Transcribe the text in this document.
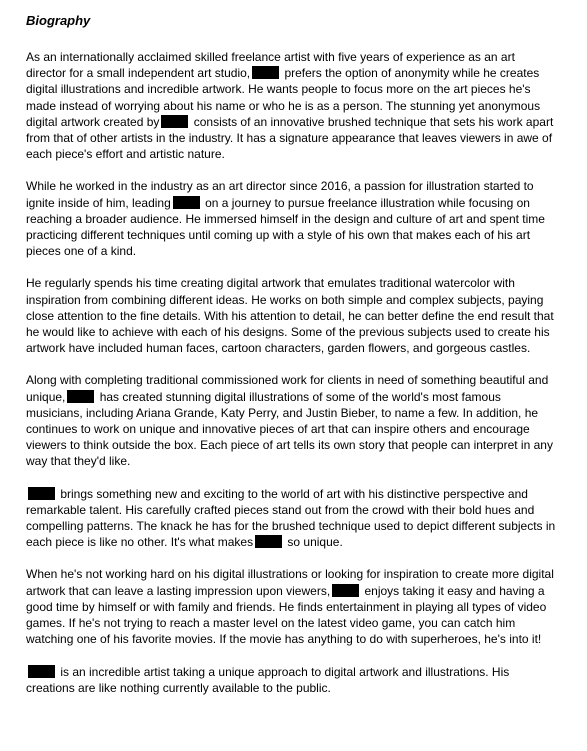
Biography

As an internationally acclaimed skilled freelance artist with five years of experience as an art director for a small independent art studio,	prefers the option of anonymity while he creates digital illustrations and incredible artwork. He wants people to focus more on the art pieces he's made instead of worrying about his name or who he is as a person. The stunning yet anonymous digital artwork created by	consists of an innovative brushed technique that sets his work apart from that of other artists in the industry. It has a signature appearance that leaves viewers in awe of each piece's effort and artistic nature.

While he worked in the industry as an art director since 2016, a passion for illustration started to ignite inside of him, leading	on a journey to pursue freelance illustration while focusing on reaching a broader audience. He immersed himself in the design and culture of art and spent time practicing different techniques until coming up with a style of his own that makes each of his art pieces one of a kind.

He regularly spends his time creating digital artwork that emulates traditional watercolor with inspiration from combining different ideas. He works on both simple and complex subjects, paying close attention to the fine details. With his attention to detail, he can better define the end result that he would like to achieve with each of his designs. Some of the previous subjects used to create his artwork have included human faces, cartoon characters, garden flowers, and gorgeous castles.

Along with completing traditional commissioned work for clients in need of something beautiful and unique,	has created stunning digital illustrations of some of the world's most famous musicians, including Ariana Grande, Katy Perry, and Justin Bieber, to name a few. In addition, he continues to work on unique and innovative pieces of art that can inspire others and encourage viewers to think outside the box. Each piece of art tells its own story that people can interpret in any way that they'd like.

brings something new and exciting to the world of art with his distinctive perspective and remarkable talent. His carefully crafted pieces stand out from the crowd with their bold hues and compelling patterns. The knack he has for the brushed technique used to depict different subjects in each piece is like no other. It's what makes	so unique.

When he's not working hard on his digital illustrations or looking for inspiration to create more digital artwork that can leave a lasting impression upon viewers,	enjoys taking it easy and having a good time by himself or with family and friends. He finds entertainment in playing all types of video games. If he's not trying to reach a master level on the latest video game, you can catch him watching one of his favorite movies. If the movie has anything to do with superheroes, he's into it!

is an incredible artist taking a unique approach to digital artwork and illustrations. His creations are like nothing currently available to the public.
